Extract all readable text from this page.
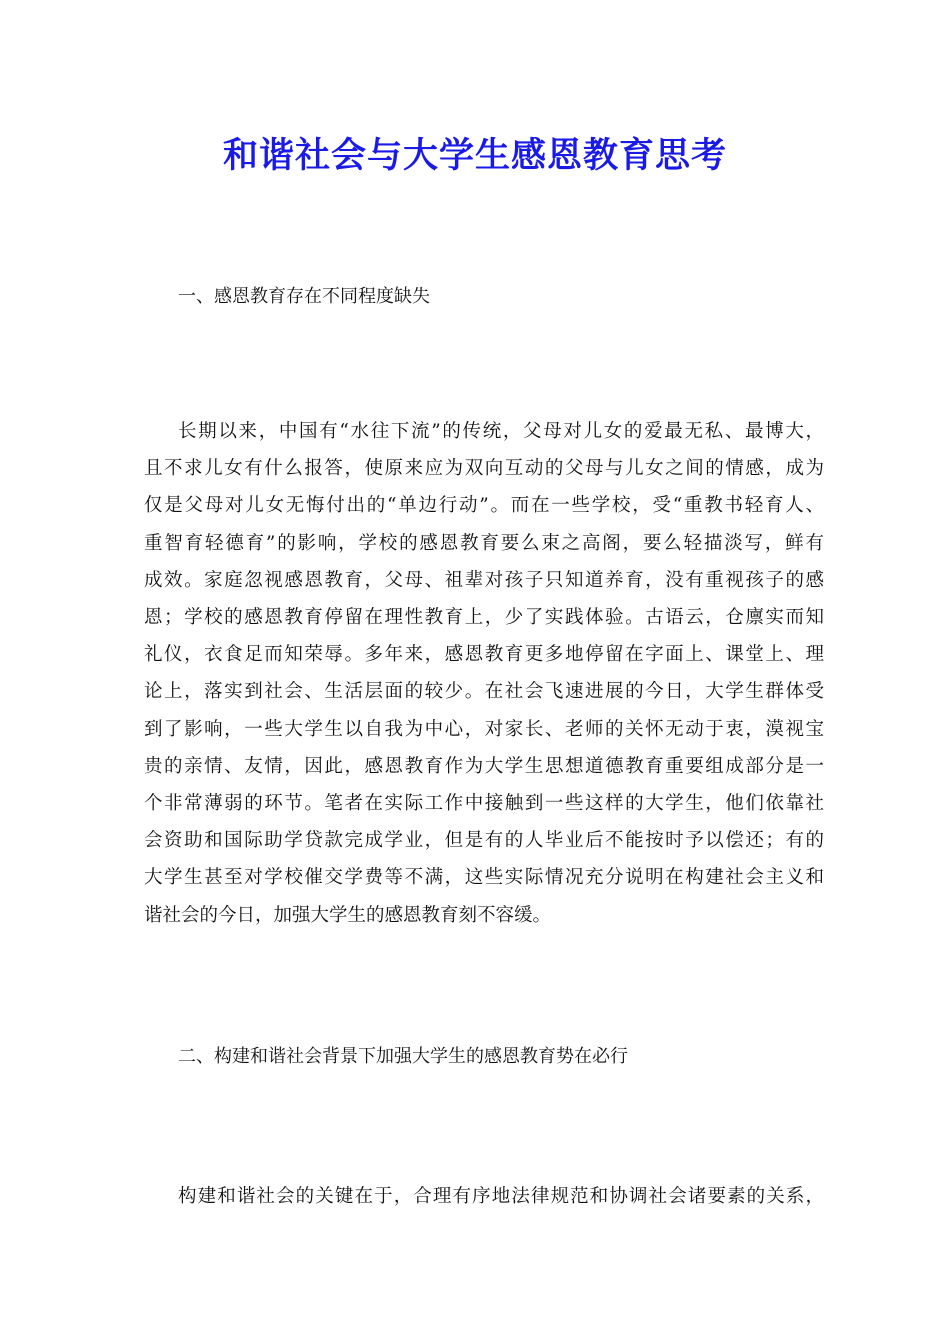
和谐社会与大学生感恩教育思考

一、感恩教育存在不同程度缺失

长期以来，中国有“水往下流”的传统，父母对儿女的爱最无私、最博大，
且不求儿女有什么报答，使原来应为双向互动的父母与儿女之间的情感，成为
仅是父母对儿女无悔付出的“单边行动”。而在一些学校，受“重教书轻育人、
重智育轻德育”的影响，学校的感恩教育要么束之高阁，要么轻描淡写，鲜有
成效。家庭忽视感恩教育，父母、祖辈对孩子只知道养育，没有重视孩子的感
恩；学校的感恩教育停留在理性教育上，少了实践体验。古语云，仓廪实而知
礼仪，衣食足而知荣辱。多年来，感恩教育更多地停留在字面上、课堂上、理
论上，落实到社会、生活层面的较少。在社会飞速进展的今日，大学生群体受
到了影响，一些大学生以自我为中心，对家长、老师的关怀无动于衷，漠视宝
贵的亲情、友情，因此，感恩教育作为大学生思想道德教育重要组成部分是一
个非常薄弱的环节。笔者在实际工作中接触到一些这样的大学生，他们依靠社
会资助和国际助学贷款完成学业，但是有的人毕业后不能按时予以偿还；有的
大学生甚至对学校催交学费等不满，这些实际情况充分说明在构建社会主义和
谐社会的今日，加强大学生的感恩教育刻不容缓。

二、构建和谐社会背景下加强大学生的感恩教育势在必行

构建和谐社会的关键在于，合理有序地法律规范和协调社会诸要素的关系，
